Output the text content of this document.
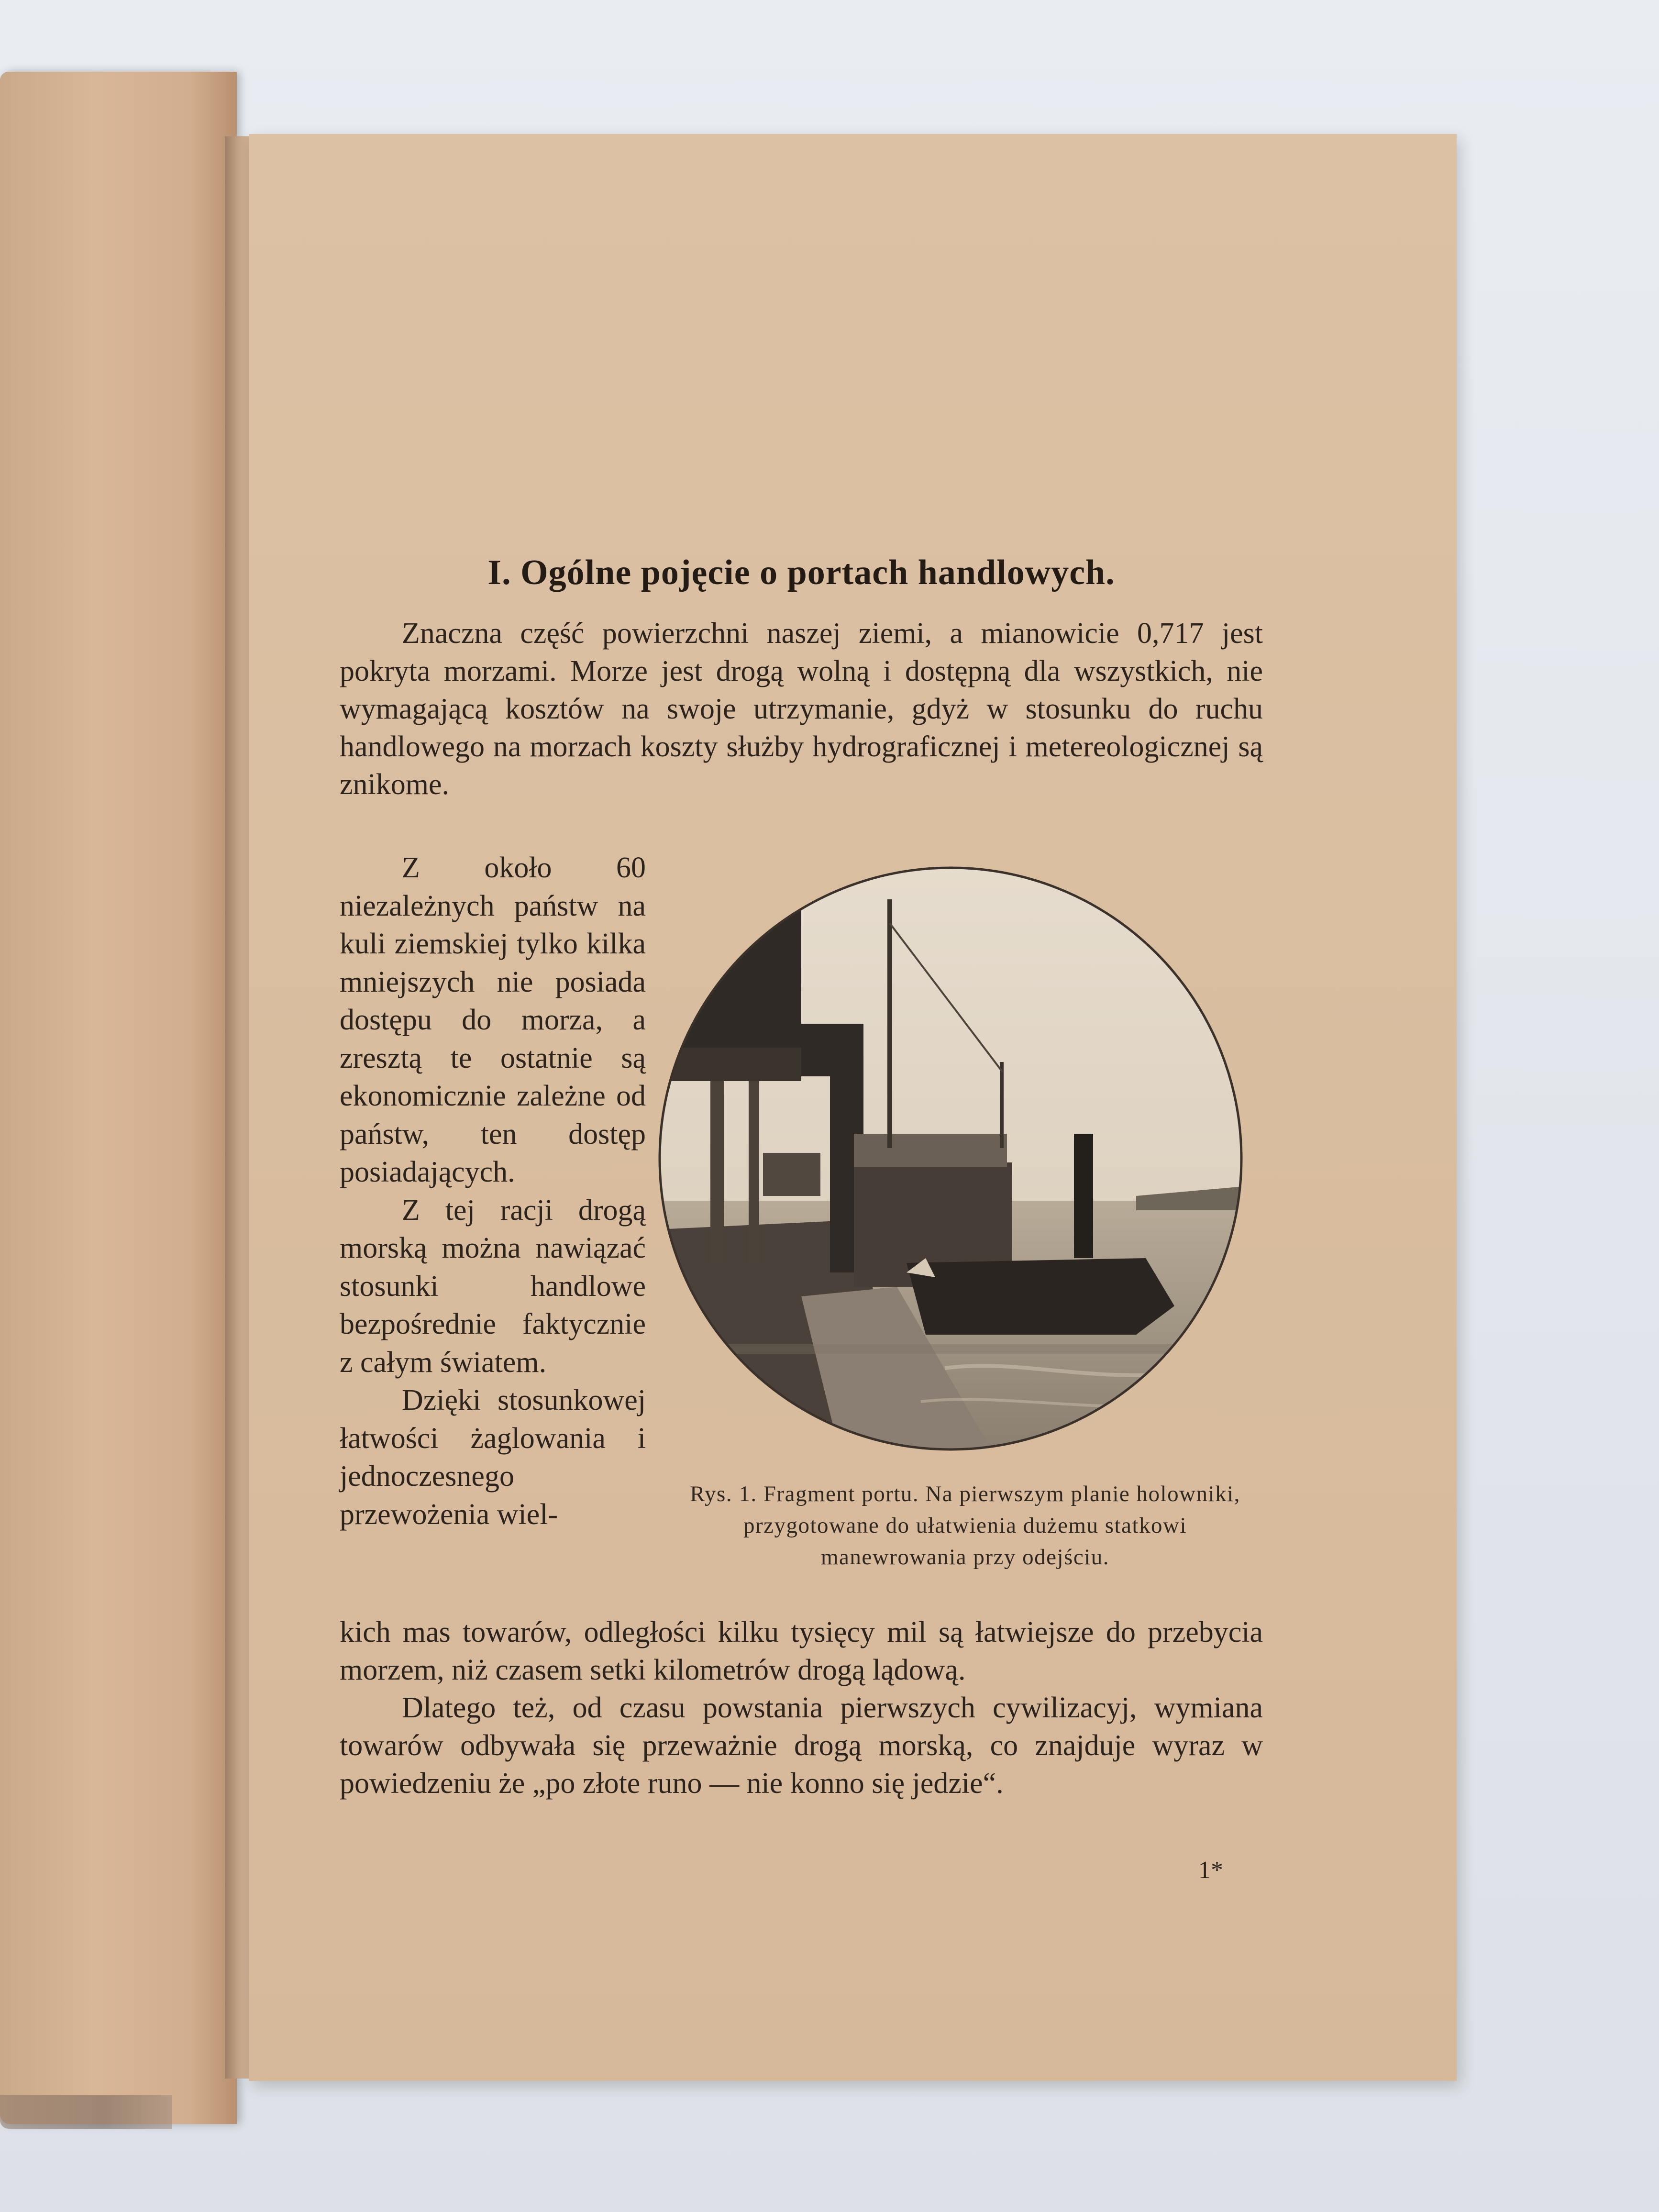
I. Ogólne pojęcie o portach handlowych.

Znaczna część powierzchni naszej ziemi, a mianowicie 0,717 jest pokryta morzami. Morze jest drogą wolną i dostępną dla wszystkich, nie wymagającą kosztów na swoje utrzymanie, gdyż w stosunku do ruchu handlowego na morzach koszty służby hydrograficznej i metereologicznej są znikome.

Z około 60 niezależnych państw na kuli ziemskiej tylko kilka mniejszych nie posiada dostępu do morza, a zresztą te ostatnie są ekonomicznie zależne od państw, ten dostęp posiadających.

Z tej racji drogą morską można nawiązać stosunki handlowe bezpośrednie faktycznie z całym światem.

Dzięki stosunkowej łatwości żaglowania i jednoczesnego przewożenia wiel-

Rys. 1. Fragment portu. Na pierwszym planie holowniki, przygotowane do ułatwienia dużemu statkowi manewrowania przy odejściu.

kich mas towarów, odległości kilku tysięcy mil są łatwiejsze do przebycia morzem, niż czasem setki kilometrów drogą lądową.

Dlatego też, od czasu powstania pierwszych cywilizacyj, wymiana towarów odbywała się przeważnie drogą morską, co znajduje wyraz w powiedzeniu że „po złote runo — nie konno się jedzie“.

1*
